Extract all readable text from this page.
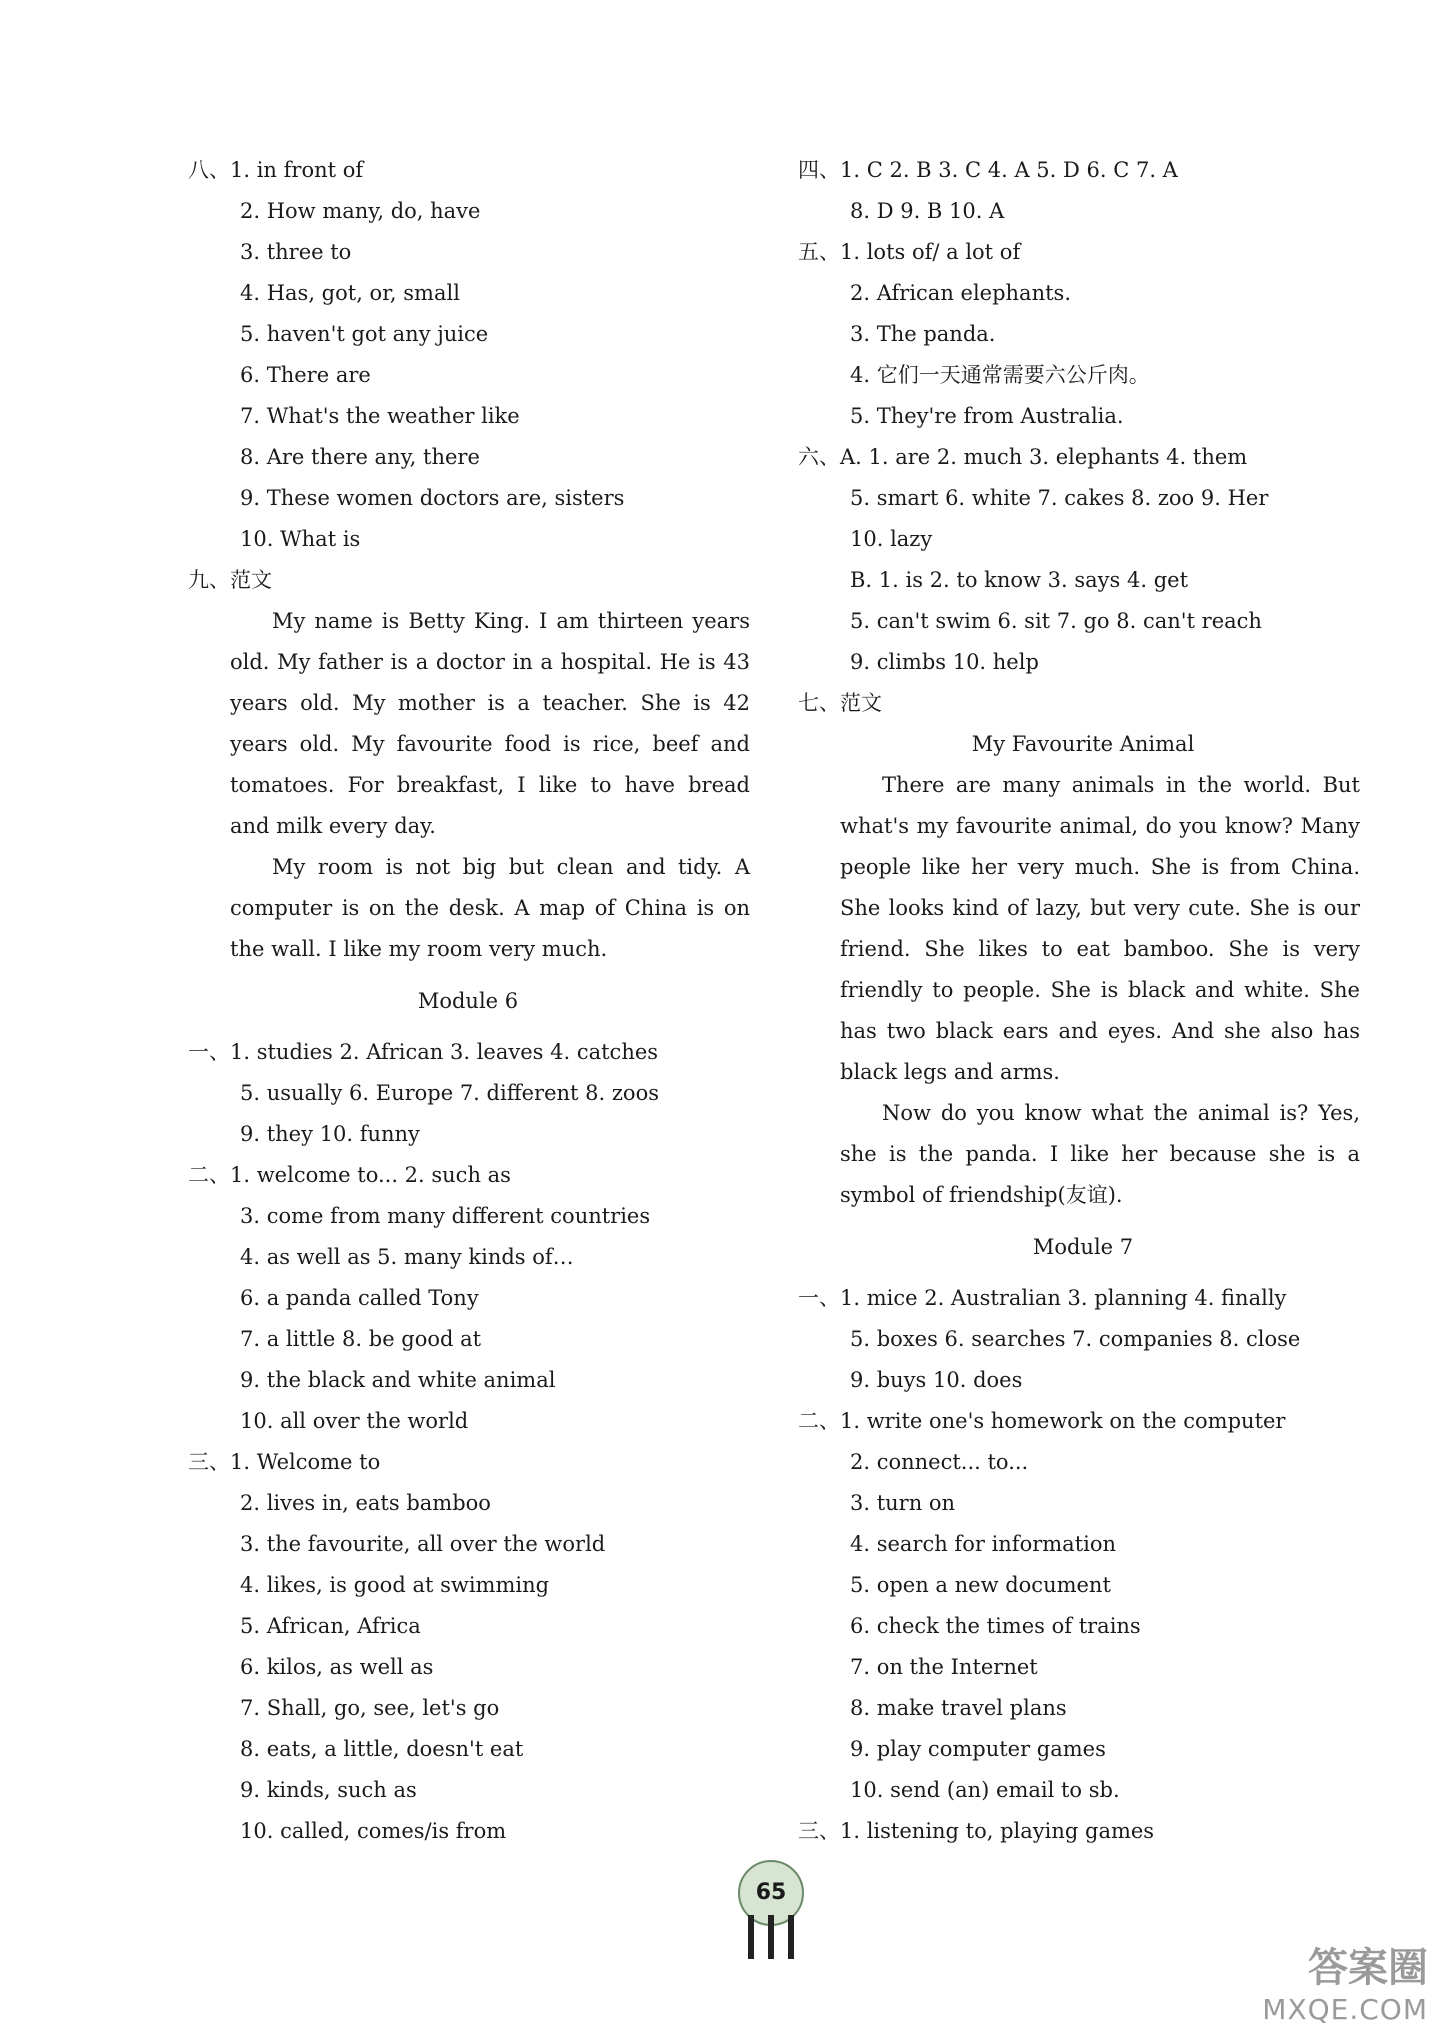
八、1. in front of
2. How many, do, have
3. three to
4. Has, got, or, small
5. haven't got any juice
6. There are
7. What's the weather like
8. Are there any, there
9. These women doctors are, sisters
10. What is
九、范文
My name is Betty King. I am thirteen years old. My father is a doctor in a hospital. He is 43 years old. My mother is a teacher. She is 42 years old. My favourite food is rice, beef and tomatoes. For breakfast, I like to have bread and milk every day.
My room is not big but clean and tidy. A computer is on the desk. A map of China is on the wall. I like my room very much.
Module 6
一、1. studies 2. African 3. leaves 4. catches
5. usually 6. Europe 7. different 8. zoos
9. they 10. funny
二、1. welcome to... 2. such as
3. come from many different countries
4. as well as 5. many kinds of…
6. a panda called Tony
7. a little 8. be good at
9. the black and white animal
10. all over the world
三、1. Welcome to
2. lives in, eats bamboo
3. the favourite, all over the world
4. likes, is good at swimming
5. African, Africa
6. kilos, as well as
7. Shall, go, see, let's go
8. eats, a little, doesn't eat
9. kinds, such as
10. called, comes/is from
四、1. C 2. B 3. C 4. A 5. D 6. C 7. A
8. D 9. B 10. A
五、1. lots of/ a lot of
2. African elephants.
3. The panda.
4. 它们一天通常需要六公斤肉。
5. They're from Australia.
六、A. 1. are 2. much 3. elephants 4. them
5. smart 6. white 7. cakes 8. zoo 9. Her
10. lazy
B. 1. is 2. to know 3. says 4. get
5. can't swim 6. sit 7. go 8. can't reach
9. climbs 10. help
七、范文
My Favourite Animal
There are many animals in the world. But what's my favourite animal, do you know? Many people like her very much. She is from China. She looks kind of lazy, but very cute. She is our friend. She likes to eat bamboo. She is very friendly to people. She is black and white. She has two black ears and eyes. And she also has black legs and arms.
Now do you know what the animal is? Yes, she is the panda. I like her because she is a symbol of friendship(友谊).
Module 7
一、1. mice 2. Australian 3. planning 4. finally
5. boxes 6. searches 7. companies 8. close
9. buys 10. does
二、1. write one's homework on the computer
2. connect... to...
3. turn on
4. search for information
5. open a new document
6. check the times of trains
7. on the Internet
8. make travel plans
9. play computer games
10. send (an) email to sb.
三、1. listening to, playing games
65
答案圈
MXQE.COM
